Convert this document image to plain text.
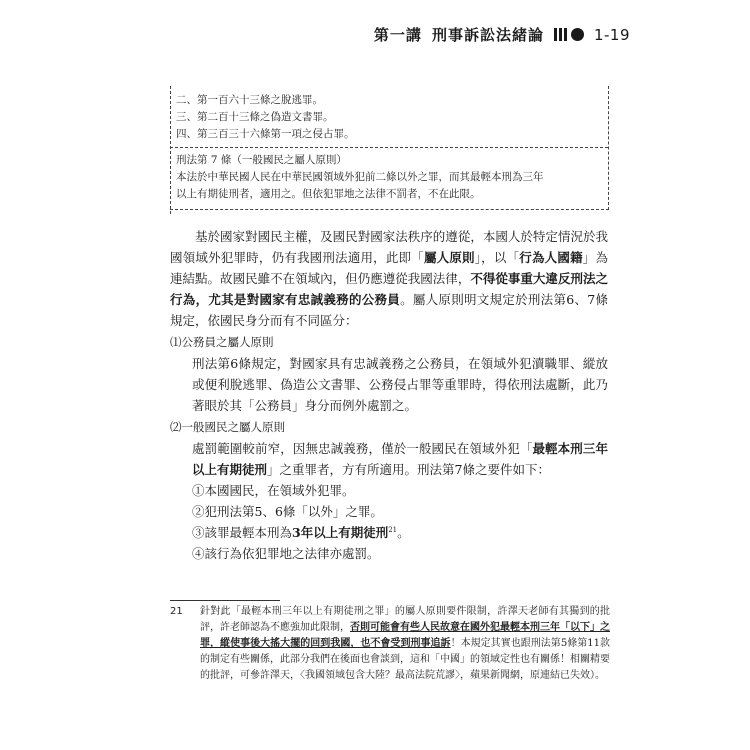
第一講 刑事訴訟法緒論	1-19

二、第一百六十三條之脫逃罪。

三、第二百十三條之偽造文書罪。

四、第三百三十六條第一項之侵占罪。

刑法第 7 條（一般國民之屬人原則）

本法於中華民國人民在中華民國領域外犯前二條以外之罪，而其最輕本刑為三年

以上有期徒刑者，適用之。但依犯罪地之法律不罰者，不在此限。

基於國家對國民主權，及國民對國家法秩序的遵從，本國人於特定情況於我國領域外犯罪時，仍有我國刑法適用，此即「屬人原則」，以「行為人國籍」為連結點。故國民雖不在領域內，但仍應遵從我國法律，不得從事重大違反刑法之行為，尤其是對國家有忠誠義務的公務員。屬人原則明文規定於刑法第6、7條規定，依國民身分而有不同區分：

⑴公務員之屬人原則

刑法第6條規定，對國家具有忠誠義務之公務員，在領域外犯瀆職罪、縱放或便利脫逃罪、偽造公文書罪、公務侵占罪等重罪時，得依刑法處斷，此乃著眼於其「公務員」身分而例外處罰之。

⑵一般國民之屬人原則

處罰範圍較前窄，因無忠誠義務，僅於一般國民在領域外犯「最輕本刑三年以上有期徒刑」之重罪者，方有所適用。刑法第7條之要件如下：

①本國國民，在領域外犯罪。
②犯刑法第5、6條「以外」之罪。
③該罪最輕本刑為3年以上有期徒刑$^{21}$。
④該行為依犯罪地之法律亦處罰。
21	針對此「最輕本刑三年以上有期徒刑之罪」的屬人原則要件限制，許澤天老師有其獨到的批評，許老師認為不應強加此限制，否則可能會有些人民故意在國外犯最輕本刑三年「以下」之罪，縱使事後大搖大擺的回到我國，也不會受到刑事追訴！本規定其實也跟刑法第5條第11款的制定有些關係，此部分我們在後面也會談到，這和「中國」的領域定性也有關係！相關精要的批評，可參許澤天，〈我國領域包含大陸？最高法院荒謬〉，蘋果新聞網，原連結已失效）。
